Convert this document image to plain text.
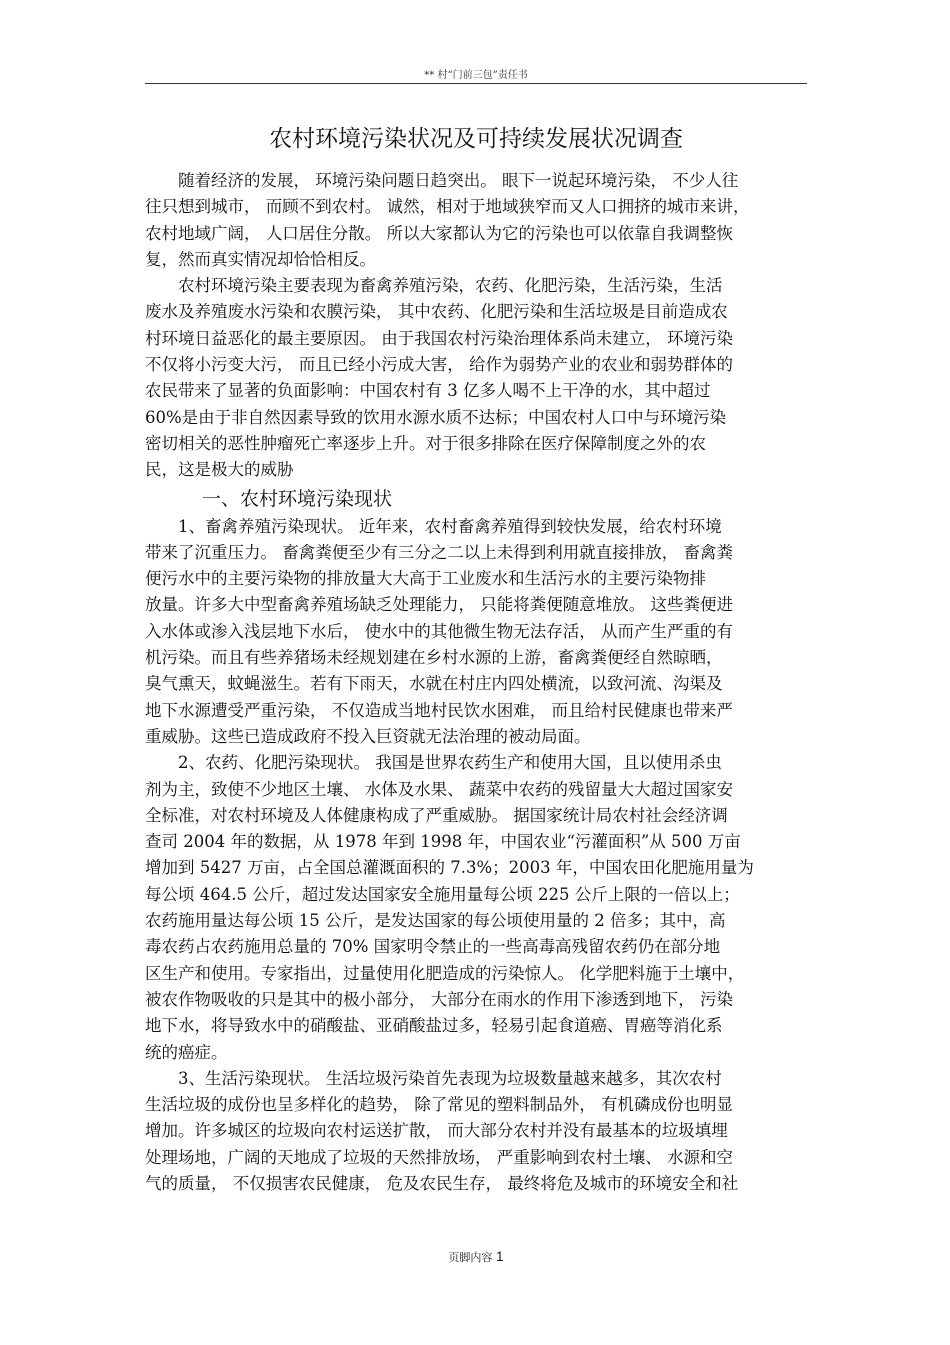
** 村“门前三包”责任书
农村环境污染状况及可持续发展状况调查
　　随着经济的发展， 环境污染问题日趋突出。 眼下一说起环境污染， 不少人往
往只想到城市， 而顾不到农村。 诚然，相对于地域狭窄而又人口拥挤的城市来讲，
农村地域广阔， 人口居住分散。 所以大家都认为它的污染也可以依靠自我调整恢
复，然而真实情况却恰恰相反。
　　农村环境污染主要表现为畜禽养殖污染，农药、化肥污染，生活污染，生活
废水及养殖废水污染和农膜污染， 其中农药、化肥污染和生活垃圾是目前造成农
村环境日益恶化的最主要原因。 由于我国农村污染治理体系尚未建立， 环境污染
不仅将小污变大污， 而且已经小污成大害， 给作为弱势产业的农业和弱势群体的
农民带来了显著的负面影响：中国农村有 3 亿多人喝不上干净的水，其中超过
60%是由于非自然因素导致的饮用水源水质不达标；中国农村人口中与环境污染
密切相关的恶性肿瘤死亡率逐步上升。对于很多排除在医疗保障制度之外的农
民，这是极大的威胁
　　　一、农村环境污染现状
　　1、畜禽养殖污染现状。 近年来，农村畜禽养殖得到较快发展，给农村环境
带来了沉重压力。 畜禽粪便至少有三分之二以上未得到利用就直接排放， 畜禽粪
便污水中的主要污染物的排放量大大高于工业废水和生活污水的主要污染物排
放量。许多大中型畜禽养殖场缺乏处理能力， 只能将粪便随意堆放。 这些粪便进
入水体或渗入浅层地下水后， 使水中的其他微生物无法存活， 从而产生严重的有
机污染。而且有些养猪场未经规划建在乡村水源的上游，畜禽粪便经自然晾晒，
臭气熏天，蚊蝇滋生。若有下雨天，水就在村庄内四处横流，以致河流、沟渠及
地下水源遭受严重污染， 不仅造成当地村民饮水困难， 而且给村民健康也带来严
重威胁。这些已造成政府不投入巨资就无法治理的被动局面。
　　2、农药、化肥污染现状。 我国是世界农药生产和使用大国，且以使用杀虫
剂为主，致使不少地区土壤、 水体及水果、 蔬菜中农药的残留量大大超过国家安
全标准，对农村环境及人体健康构成了严重威胁。 据国家统计局农村社会经济调
查司 2004 年的数据，从 1978 年到 1998 年，中国农业“污灌面积”从 500 万亩
增加到 5427 万亩，占全国总灌溉面积的 7.3%；2003 年，中国农田化肥施用量为
每公顷 464.5 公斤，超过发达国家安全施用量每公顷 225 公斤上限的一倍以上；
农药施用量达每公顷 15 公斤，是发达国家的每公顷使用量的 2 倍多；其中，高
毒农药占农药施用总量的 70% 国家明令禁止的一些高毒高残留农药仍在部分地
区生产和使用。专家指出，过量使用化肥造成的污染惊人。 化学肥料施于土壤中，
被农作物吸收的只是其中的极小部分， 大部分在雨水的作用下渗透到地下， 污染
地下水，将导致水中的硝酸盐、亚硝酸盐过多，轻易引起食道癌、胃癌等消化系
统的癌症。
　　3、生活污染现状。 生活垃圾污染首先表现为垃圾数量越来越多，其次农村
生活垃圾的成份也呈多样化的趋势， 除了常见的塑料制品外， 有机磷成份也明显
增加。许多城区的垃圾向农村运送扩散， 而大部分农村并没有最基本的垃圾填埋
处理场地，广阔的天地成了垃圾的天然排放场， 严重影响到农村土壤、 水源和空
气的质量， 不仅损害农民健康， 危及农民生存， 最终将危及城市的环境安全和社
页脚内容 1
